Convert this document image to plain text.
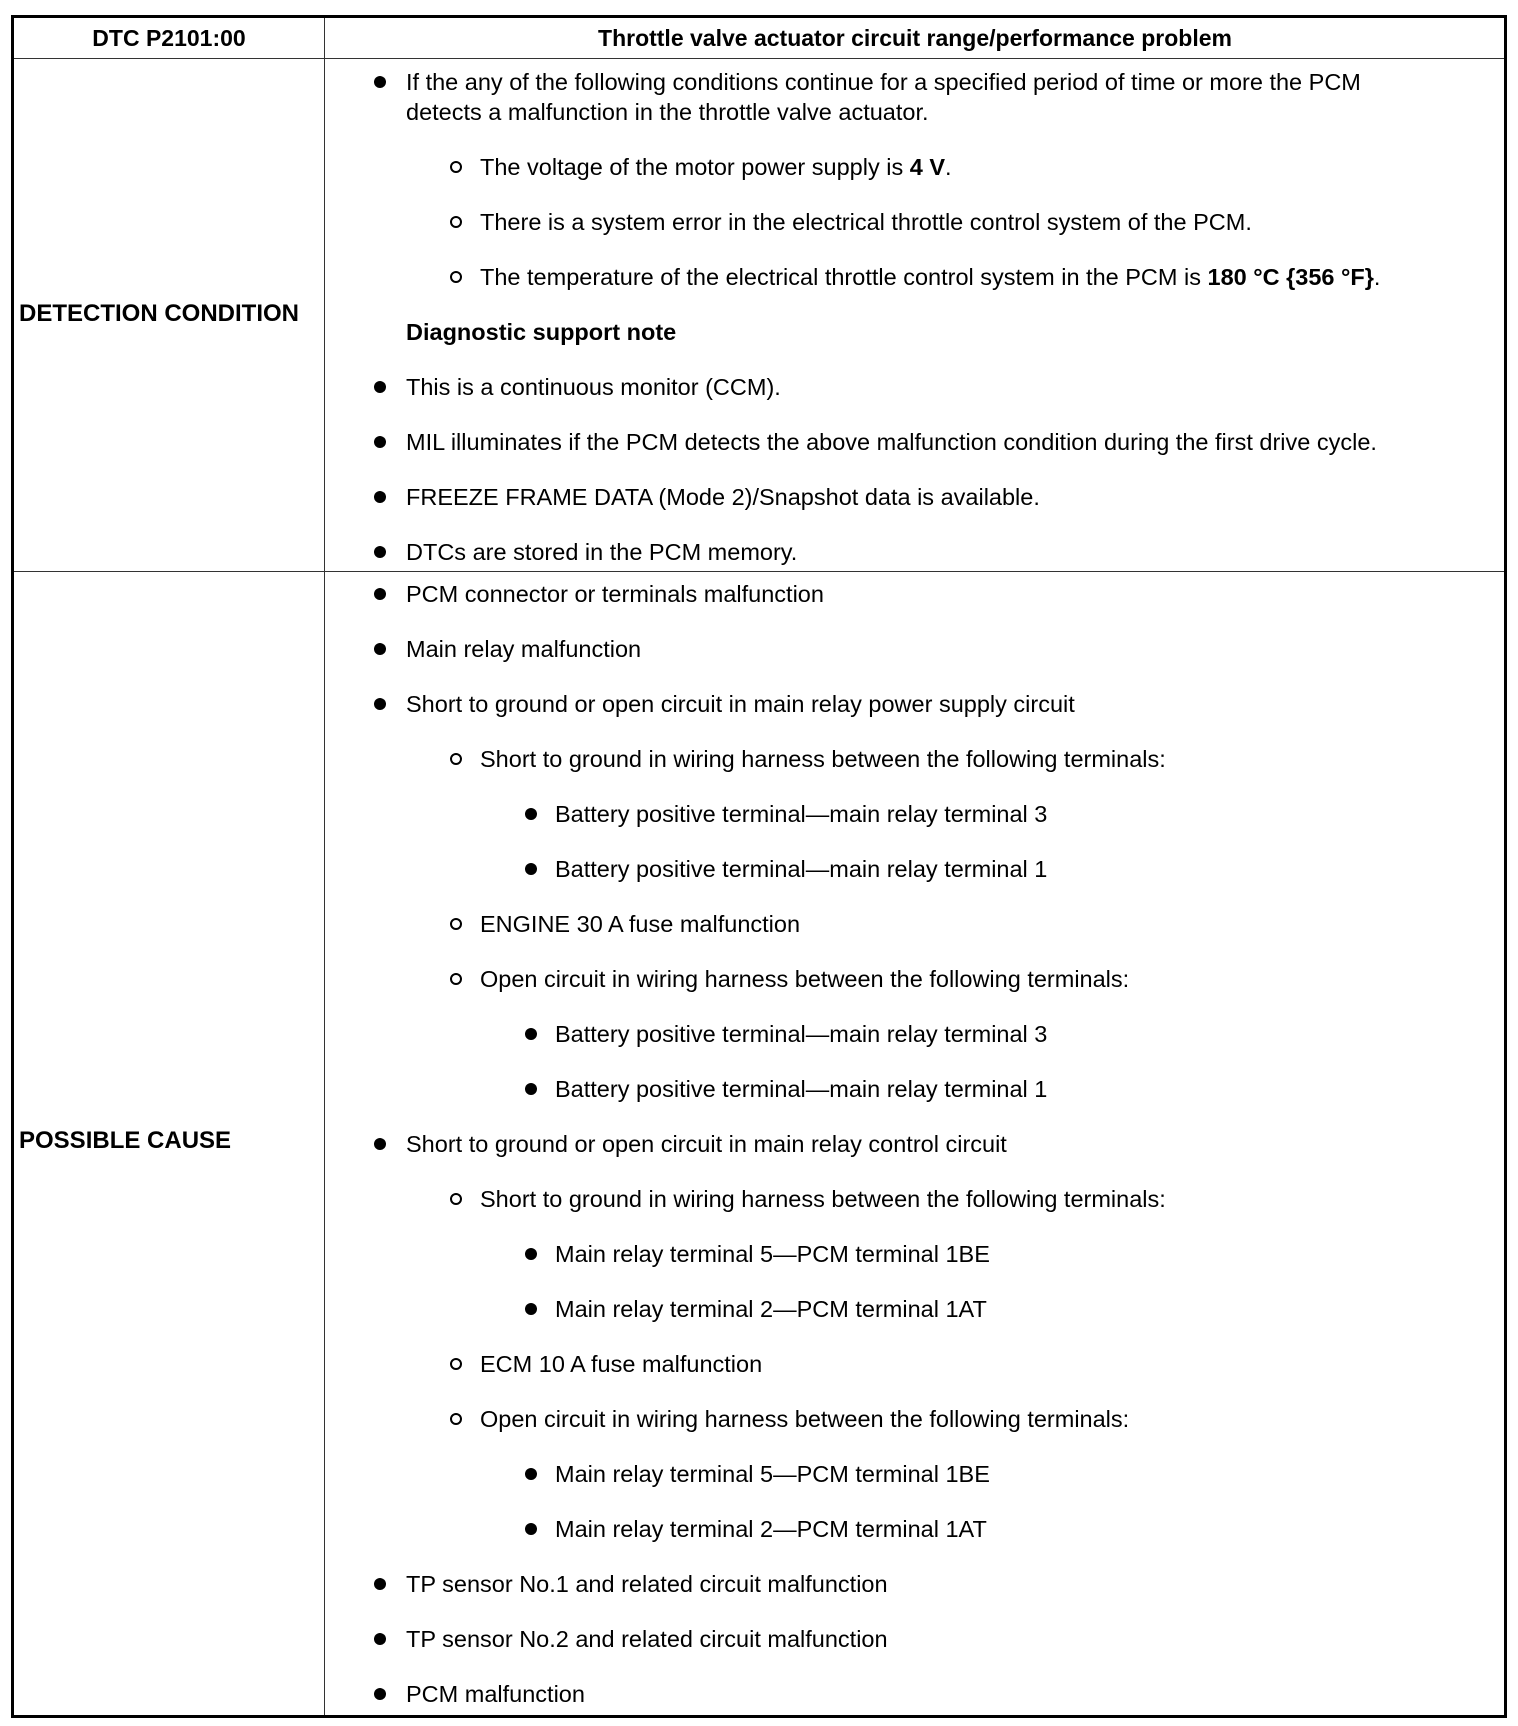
DTC P2101:00	Throttle valve actuator circuit range/performance problem
DETECTION CONDITION
POSSIBLE CAUSE
If the any of the following conditions continue for a specified period of time or more the PCM
detects a malfunction in the throttle valve actuator.
The voltage of the motor power supply is 4 V.
There is a system error in the electrical throttle control system of the PCM.
The temperature of the electrical throttle control system in the PCM is 180 °C {356 °F}.
Diagnostic support note
This is a continuous monitor (CCM).
MIL illuminates if the PCM detects the above malfunction condition during the first drive cycle.
FREEZE FRAME DATA (Mode 2)/Snapshot data is available.
DTCs are stored in the PCM memory.
PCM connector or terminals malfunction
Main relay malfunction
Short to ground or open circuit in main relay power supply circuit
Short to ground in wiring harness between the following terminals:
Battery positive terminal—main relay terminal 3
Battery positive terminal—main relay terminal 1
ENGINE 30 A fuse malfunction
Open circuit in wiring harness between the following terminals:
Battery positive terminal—main relay terminal 3
Battery positive terminal—main relay terminal 1
Short to ground or open circuit in main relay control circuit
Short to ground in wiring harness between the following terminals:
Main relay terminal 5—PCM terminal 1BE
Main relay terminal 2—PCM terminal 1AT
ECM 10 A fuse malfunction
Open circuit in wiring harness between the following terminals:
Main relay terminal 5—PCM terminal 1BE
Main relay terminal 2—PCM terminal 1AT
TP sensor No.1 and related circuit malfunction
TP sensor No.2 and related circuit malfunction
PCM malfunction
